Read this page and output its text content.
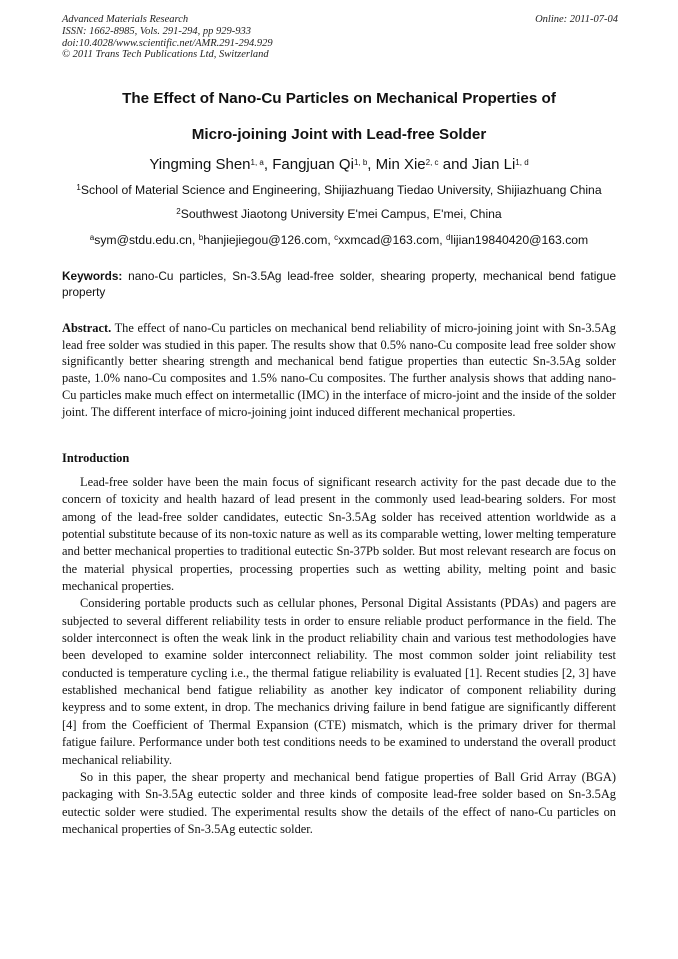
Advanced Materials Research
ISSN: 1662-8985, Vols. 291-294, pp 929-933
doi:10.4028/www.scientific.net/AMR.291-294.929
© 2011 Trans Tech Publications Ltd, Switzerland
Online: 2011-07-04
The Effect of Nano-Cu Particles on Mechanical Properties of
Micro-joining Joint with Lead-free Solder
Yingming Shen$^{1, a}$, Fangjuan Qi$^{1, b}$, Min Xie$^{2, c}$ and Jian Li$^{1, d}$
$^1$School of Material Science and Engineering, Shijiazhuang Tiedao University, Shijiazhuang China
$^2$Southwest Jiaotong University E'mei Campus, E'mei, China
$^a$sym@stdu.edu.cn, $^b$hanjiejiegou@126.com, $^c$xxmcad@163.com, $^d$lijian19840420@163.com
Keywords: nano-Cu particles, Sn-3.5Ag lead-free solder, shearing property, mechanical bend fatigue property
Abstract. The effect of nano-Cu particles on mechanical bend reliability of micro-joining joint with Sn-3.5Ag lead free solder was studied in this paper. The results show that 0.5% nano-Cu composite lead free solder show significantly better shearing strength and mechanical bend fatigue properties than eutectic Sn-3.5Ag solder paste, 1.0% nano-Cu composites and 1.5% nano-Cu composites. The further analysis shows that adding nano-Cu particles make much effect on intermetallic (IMC) in the interface of micro-joint and the inside of the solder joint. The different interface of micro-joining joint induced different mechanical properties.
Introduction

Lead-free solder have been the main focus of significant research activity for the past decade due to the concern of toxicity and health hazard of lead present in the commonly used lead-bearing solders. For most among of the lead-free solder candidates, eutectic Sn-3.5Ag solder has received attention worldwide as a potential substitute because of its non-toxic nature as well as its comparable wetting, lower melting temperature and better mechanical properties to traditional eutectic Sn-37Pb solder. But most relevant research are focus on the material physical properties, processing properties such as wetting ability, melting point and basic mechanical properties.

Considering portable products such as cellular phones, Personal Digital Assistants (PDAs) and pagers are subjected to several different reliability tests in order to ensure reliable product performance in the field. The solder interconnect is often the weak link in the product reliability chain and various test methodologies have been developed to examine solder interconnect reliability. The most common solder joint reliability test conducted is temperature cycling i.e., the thermal fatigue reliability is evaluated [1]. Recent studies [2, 3] have established mechanical bend fatigue reliability as another key indicator of component reliability during keypress and to some extent, in drop. The mechanics driving failure in bend fatigue are significantly different [4] from the Coefficient of Thermal Expansion (CTE) mismatch, which is the primary driver for thermal fatigue failure. Performance under both test conditions needs to be examined to understand the overall product mechanical reliability.

So in this paper, the shear property and mechanical bend fatigue properties of Ball Grid Array (BGA) packaging with Sn-3.5Ag eutectic solder and three kinds of composite lead-free solder based on Sn-3.5Ag eutectic solder were studied. The experimental results show the details of the effect of nano-Cu particles on mechanical properties of Sn-3.5Ag eutectic solder.
